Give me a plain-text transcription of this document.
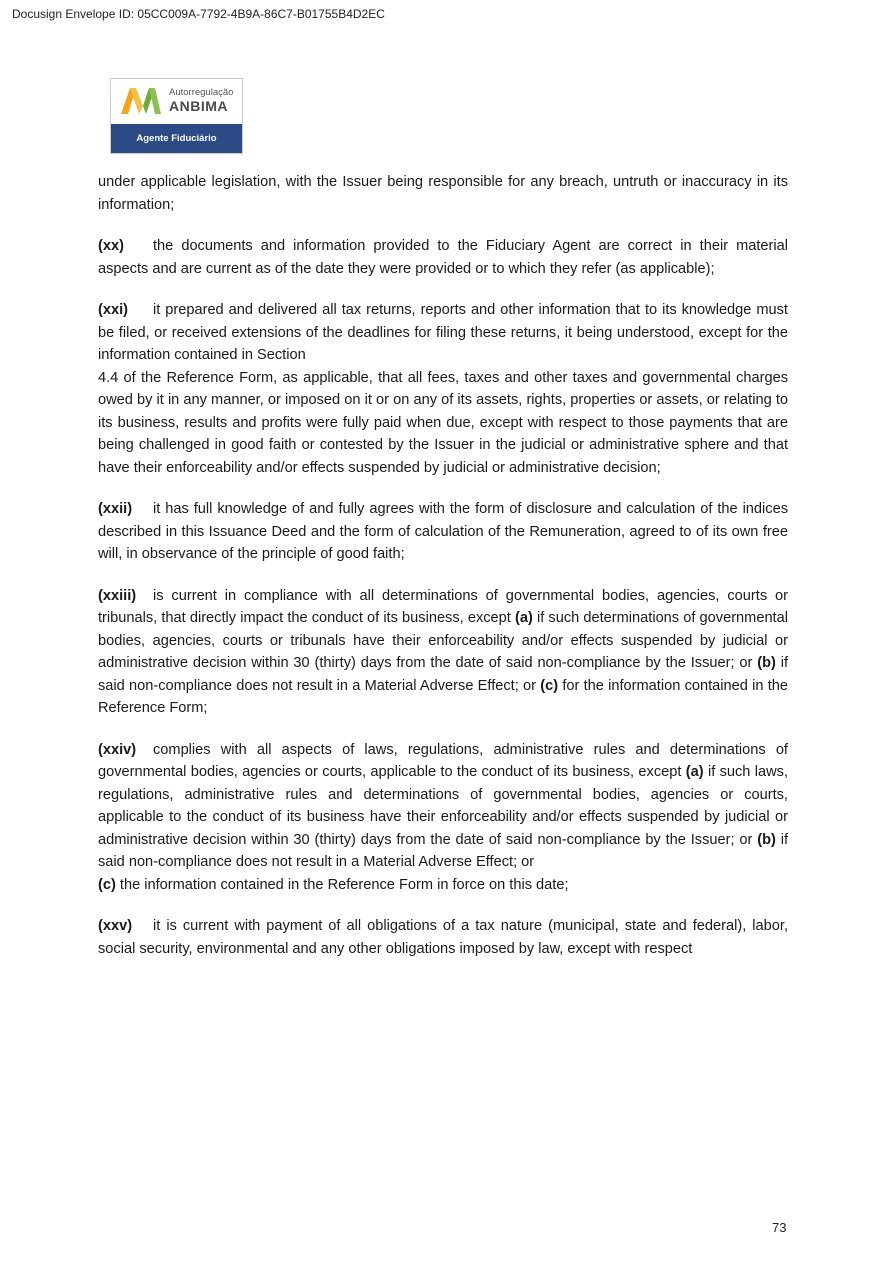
Docusign Envelope ID: 05CC009A-7792-4B9A-86C7-B01755B4D2EC
Autorregulação
ANBIMA
Agente Fiduciário

under applicable legislation, with the Issuer being responsible for any breach, untruth or inaccuracy in its information;

(xx) the documents and information provided to the Fiduciary Agent are correct in their material aspects and are current as of the date they were provided or to which they refer (as applicable);

(xxi) it prepared and delivered all tax returns, reports and other information that to its knowledge must be filed, or received extensions of the deadlines for filing these returns, it being understood, except for the information contained in Section
4.4 of the Reference Form, as applicable, that all fees, taxes and other taxes and governmental charges owed by it in any manner, or imposed on it or on any of its assets, rights, properties or assets, or relating to its business, results and profits were fully paid when due, except with respect to those payments that are being challenged in good faith or contested by the Issuer in the judicial or administrative sphere and that have their enforceability and/or effects suspended by judicial or administrative decision;

(xxii) it has full knowledge of and fully agrees with the form of disclosure and calculation of the indices described in this Issuance Deed and the form of calculation of the Remuneration, agreed to of its own free will, in observance of the principle of good faith;

(xxiii) is current in compliance with all determinations of governmental bodies, agencies, courts or tribunals, that directly impact the conduct of its business, except (a) if such determinations of governmental bodies, agencies, courts or tribunals have their enforceability and/or effects suspended by judicial or administrative decision within 30 (thirty) days from the date of said non-compliance by the Issuer; or (b) if said non-compliance does not result in a Material Adverse Effect; or (c) for the information contained in the Reference Form;

(xxiv) complies with all aspects of laws, regulations, administrative rules and determinations of governmental bodies, agencies or courts, applicable to the conduct of its business, except (a) if such laws, regulations, administrative rules and determinations of governmental bodies, agencies or courts, applicable to the conduct of its business have their enforceability and/or effects suspended by judicial or administrative decision within 30 (thirty) days from the date of said non-compliance by the Issuer; or (b) if said non-compliance does not result in a Material Adverse Effect; or
(c) the information contained in the Reference Form in force on this date;

(xxv) it is current with payment of all obligations of a tax nature (municipal, state and federal), labor, social security, environmental and any other obligations imposed by law, except with respect

73
